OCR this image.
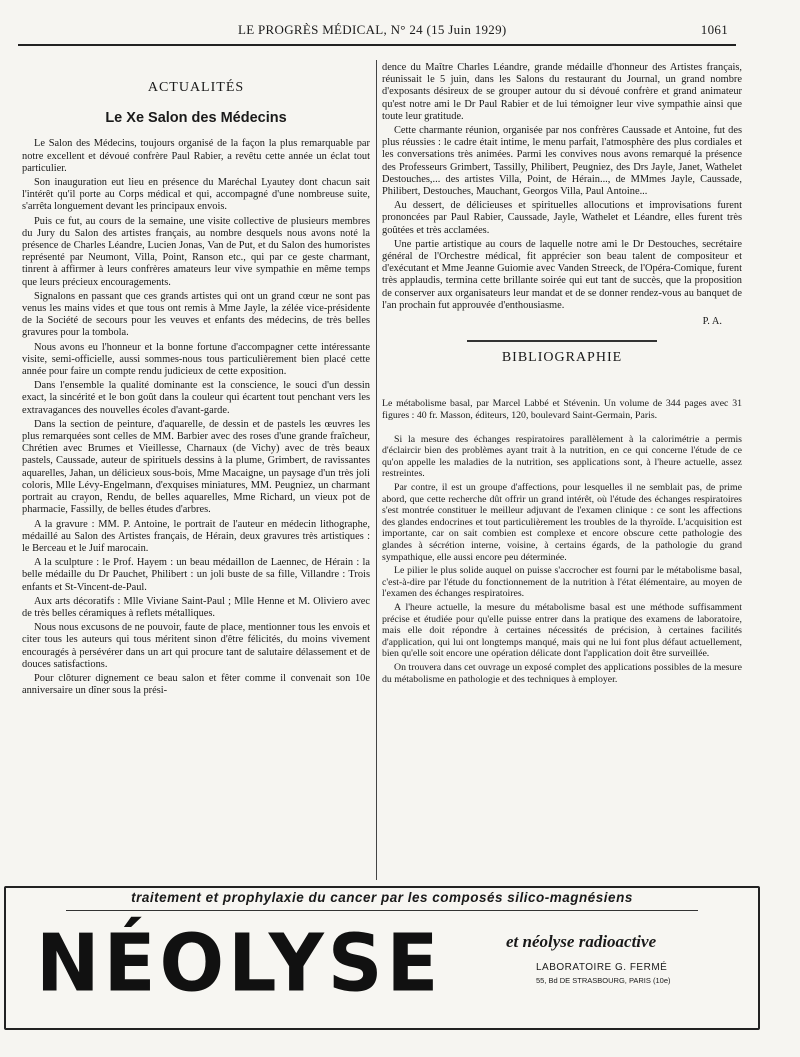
LE PROGRÈS MÉDICAL, N° 24 (15 Juin 1929)	1061

ACTUALITÉS

Le Xe Salon des Médecins

Le Salon des Médecins, toujours organisé de la façon la plus remarquable par notre excellent et dévoué confrère Paul Rabier, a revêtu cette année un éclat tout particulier.

Son inauguration eut lieu en présence du Maréchal Lyautey dont chacun sait l'intérêt qu'il porte au Corps médical et qui, accompagné d'une nombreuse suite, s'arrêta longuement devant les principaux envois.

Puis ce fut, au cours de la semaine, une visite collective de plusieurs membres du Jury du Salon des artistes français, au nombre desquels nous avons noté la présence de Charles Léandre, Lucien Jonas, Van de Put, et du Salon des humoristes représenté par Neumont, Villa, Point, Ranson etc., qui par ce geste charmant, tinrent à affirmer à leurs confrères amateurs leur vive sympathie en même temps que leurs précieux encouragements.

Signalons en passant que ces grands artistes qui ont un grand cœur ne sont pas venus les mains vides et que tous ont remis à Mme Jayle, la zélée vice-présidente de la Société de secours pour les veuves et enfants des médecins, de très belles gravures pour la tombola.

Nous avons eu l'honneur et la bonne fortune d'accompagner cette intéressante visite, semi-officielle, aussi sommes-nous tous particulièrement bien placé cette année pour faire un compte rendu judicieux de cette exposition.

Dans l'ensemble la qualité dominante est la conscience, le souci d'un dessin exact, la sincérité et le bon goût dans la couleur qui écartent tout penchant vers les extravagances des nouvelles écoles d'avant-garde.

Dans la section de peinture, d'aquarelle, de dessin et de pastels les œuvres les plus remarquées sont celles de MM. Barbier avec des roses d'une grande fraîcheur, Chrétien avec Brumes et Vieillesse, Charnaux (de Vichy) avec de très beaux pastels, Caussade, auteur de spirituels dessins à la plume, Grimbert, de ravissantes aquarelles, Jahan, un délicieux sous-bois, Mme Macaigne, un paysage d'un très joli coloris, Mlle Lévy-Engelmann, d'exquises miniatures, MM. Peugniez, un charmant portrait au crayon, Rendu, de belles aquarelles, Mme Richard, un vieux pot de pharmacie, Fassilly, de belles études d'arbres.

A la gravure : MM. P. Antoine, le portrait de l'auteur en médecin lithographe, médaillé au Salon des Artistes français, de Hérain, deux gravures très artistiques : le Berceau et le Juif marocain.

A la sculpture : le Prof. Hayem : un beau médaillon de Laennec, de Hérain : la belle médaille du Dr Pauchet, Philibert : un joli buste de sa fille, Villandre : Trois enfants et St-Vincent-de-Paul.

Aux arts décoratifs : Mlle Viviane Saint-Paul ; Mlle Henne et M. Oliviero avec de très belles céramiques à reflets métalliques.

Nous nous excusons de ne pouvoir, faute de place, mentionner tous les envois et citer tous les auteurs qui tous méritent sinon d'être félicités, du moins vivement encouragés à persévérer dans un art qui procure tant de salutaire délassement et de douces satisfactions.

Pour clôturer dignement ce beau salon et fêter comme il convenait son 10e anniversaire un dîner sous la prési-

dence du Maître Charles Léandre, grande médaille d'honneur des Artistes français, réunissait le 5 juin, dans les Salons du restaurant du Journal, un grand nombre d'exposants désireux de se grouper autour du si dévoué confrère et grand animateur qu'est notre ami le Dr Paul Rabier et de lui témoigner leur vive sympathie ainsi que toute leur gratitude.

Cette charmante réunion, organisée par nos confrères Caussade et Antoine, fut des plus réussies : le cadre était intime, le menu parfait, l'atmosphère des plus cordiales et les conversations très animées. Parmi les convives nous avons remarqué la présence des Professeurs Grimbert, Tassilly, Philibert, Peugniez, des Drs Jayle, Janet, Wathelet Destouches,... des artistes Villa, Point, de Hérain..., de MMmes Jayle, Caussade, Philibert, Destouches, Mauchant, Georgos Villa, Paul Antoine...

Au dessert, de délicieuses et spirituelles allocutions et improvisations furent prononcées par Paul Rabier, Caussade, Jayle, Wathelet et Léandre, elles furent très goûtées et très acclamées.

Une partie artistique au cours de laquelle notre ami le Dr Destouches, secrétaire général de l'Orchestre médical, fit apprécier son beau talent de compositeur et d'exécutant et Mme Jeanne Guiomie avec Vanden Streeck, de l'Opéra-Comique, furent très applaudis, termina cette brillante soirée qui eut tant de succès, que la proposition de conserver aux organisateurs leur mandat et de se donner rendez-vous au banquet de l'an prochain fut approuvée d'enthousiasme.

P. A.

BIBLIOGRAPHIE

Le métabolisme basal, par Marcel Labbé et Stévenin. Un volume de 344 pages avec 31 figures : 40 fr. Masson, éditeurs, 120, boulevard Saint-Germain, Paris.

Si la mesure des échanges respiratoires parallèlement à la calorimétrie a permis d'éclaircir bien des problèmes ayant trait à la nutrition, en ce qui concerne l'étude de ce qu'on appelle les maladies de la nutrition, ses applications sont, à l'heure actuelle, assez restreintes.

Par contre, il est un groupe d'affections, pour lesquelles il ne semblait pas, de prime abord, que cette recherche dût offrir un grand intérêt, où l'étude des échanges respiratoires s'est montrée constituer le meilleur adjuvant de l'examen clinique : ce sont les affections des glandes endocrines et tout particulièrement les troubles de la thyroïde. L'acquisition est importante, car on sait combien est complexe et encore obscure cette pathologie des glandes à sécrétion interne, voisine, à certains égards, de la pathologie du grand sympathique, elle aussi encore peu déterminée.

Le pilier le plus solide auquel on puisse s'accrocher est fourni par le métabolisme basal, c'est-à-dire par l'étude du fonctionnement de la nutrition à l'état élémentaire, au moyen de l'examen des échanges respiratoires.

A l'heure actuelle, la mesure du métabolisme basal est une méthode suffisamment précise et étudiée pour qu'elle puisse entrer dans la pratique des examens de laboratoire, mais elle doit répondre à certaines nécessités de précision, à certaines facilités d'application, qui lui ont longtemps manqué, mais qui ne lui font plus défaut actuellement, bien qu'elle soit encore une opération délicate dont l'application doit être surveillée.

On trouvera dans cet ouvrage un exposé complet des applications possibles de la mesure du métabolisme en pathologie et des techniques à employer.

traitement et prophylaxie du cancer par les composés silico-magnésiens
NÉOLYSE	et néolyse radioactive
LABORATOIRE G. FERMÉ
55, Bd DE STRASBOURG, PARIS (10e)
